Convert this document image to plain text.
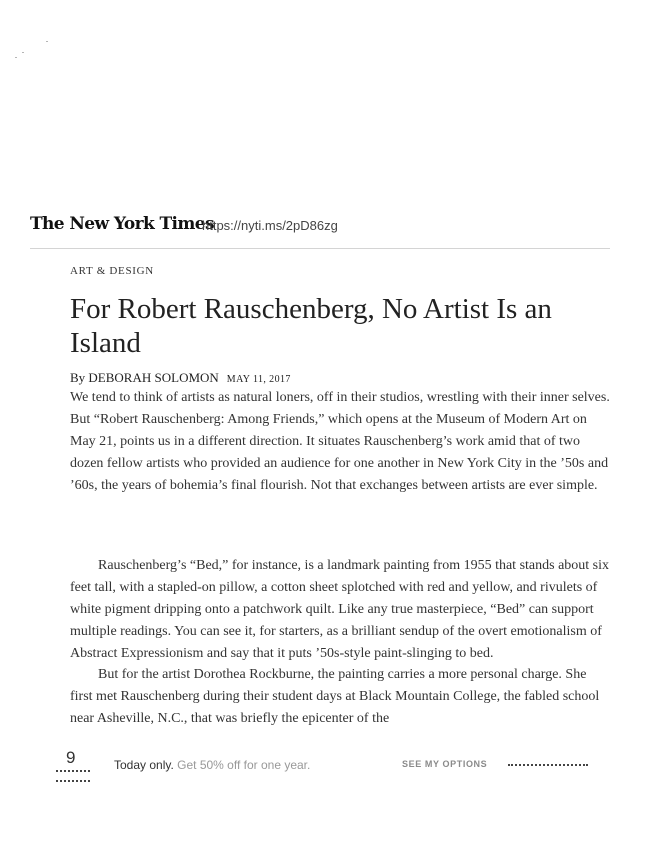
The New York Times
https://nyti.ms/2pD86zg
ART & DESIGN
For Robert Rauschenberg, No Artist Is an Island
By DEBORAH SOLOMON MAY 11, 2017

We tend to think of artists as natural loners, off in their studios, wrestling with their inner selves. But “Robert Rauschenberg: Among Friends,” which opens at the Museum of Modern Art on May 21, points us in a different direction. It situates Rauschenberg’s work amid that of two dozen fellow artists who provided an audience for one another in New York City in the ’50s and ’60s, the years of bohemia’s final flourish. Not that exchanges between artists are ever simple.

Rauschenberg’s “Bed,” for instance, is a landmark painting from 1955 that stands about six feet tall, with a stapled-on pillow, a cotton sheet splotched with red and yellow, and rivulets of white pigment dripping onto a patchwork quilt. Like any true masterpiece, “Bed” can support multiple readings. You can see it, for starters, as a brilliant sendup of the overt emotionalism of Abstract Expressionism and say that it puts ’50s-style paint-slinging to bed.

But for the artist Dorothea Rockburne, the painting carries a more personal charge. She first met Rauschenberg during their student days at Black Mountain College, the fabled school near Asheville, N.C., that was briefly the epicenter of the

9	Today only. Get 50% off for one year.	SEE MY OPTIONS
